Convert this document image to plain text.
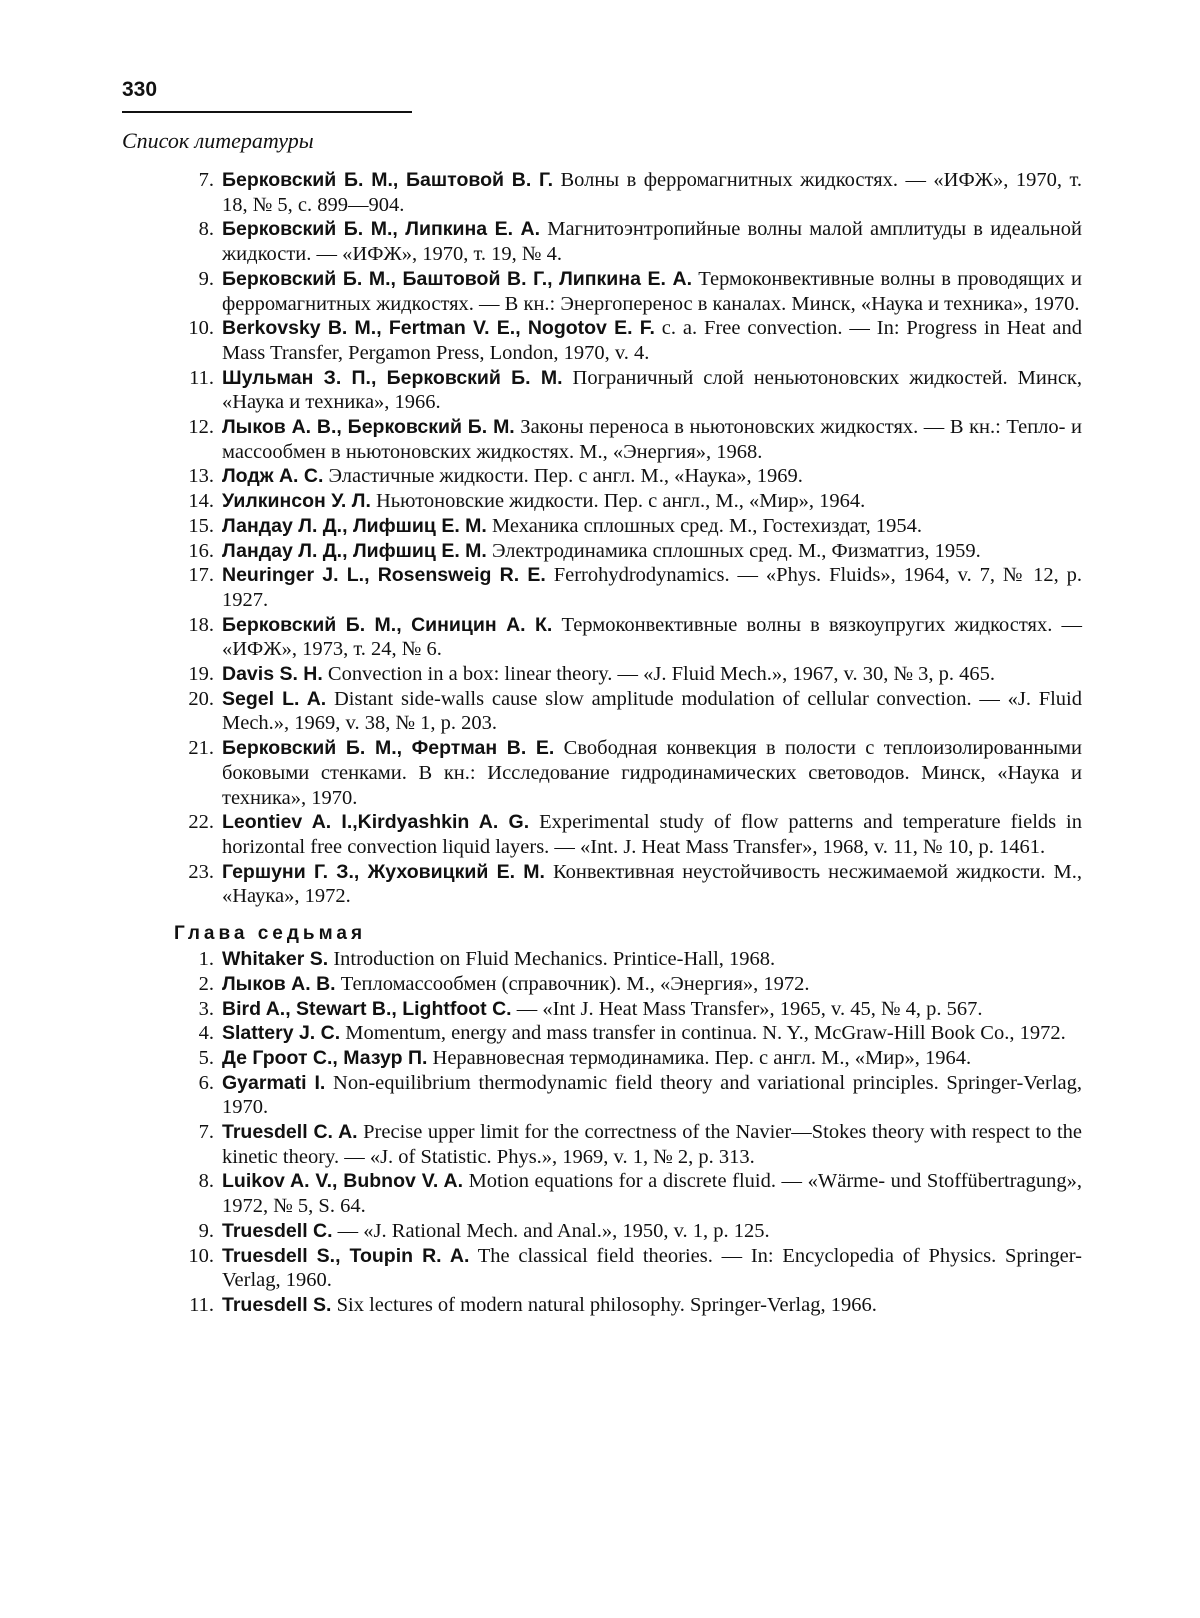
330
Список литературы

7. Берковский Б. М., Баштовой В. Г. Волны в ферромагнитных жидкостях. — «ИФЖ», 1970, т. 18, № 5, с. 899—904.

8. Берковский Б. М., Липкина Е. А. Магнитоэнтропийные волны малой амплитуды в идеальной жидкости. — «ИФЖ», 1970, т. 19, № 4.

9. Берковский Б. М., Баштовой В. Г., Липкина Е. А. Термоконвективные волны в проводящих и ферромагнитных жидкостях. — В кн.: Энергоперенос в каналах. Минск, «Наука и техника», 1970.

10. Berkovsky B. M., Fertman V. E., Nogotov E. F. c. a. Free convection. — In: Progress in Heat and Mass Transfer, Pergamon Press, London, 1970, v. 4.

11. Шульман З. П., Берковский Б. М. Пограничный слой неньютоновских жидкостей. Минск, «Наука и техника», 1966.

12. Лыков А. В., Берковский Б. М. Законы переноса в ньютоновских жидкостях. — В кн.: Тепло- и массообмен в ньютоновских жидкостях. М., «Энергия», 1968.

13. Лодж А. С. Эластичные жидкости. Пер. с англ. М., «Наука», 1969.

14. Уилкинсон У. Л. Ньютоновские жидкости. Пер. с англ., М., «Мир», 1964.

15. Ландау Л. Д., Лифшиц Е. М. Механика сплошных сред. М., Гостехиздат, 1954.

16. Ландау Л. Д., Лифшиц Е. М. Электродинамика сплошных сред. М., Физматгиз, 1959.

17. Neuringer J. L., Rosensweig R. E. Ferrohydrodynamics. — «Phys. Fluids», 1964, v. 7, № 12, p. 1927.

18. Берковский Б. М., Синицин А. К. Термоконвективные волны в вязкоупругих жидкостях. — «ИФЖ», 1973, т. 24, № 6.

19. Davis S. H. Convection in a box: linear theory. — «J. Fluid Mech.», 1967, v. 30, № 3, p. 465.

20. Segel L. A. Distant side-walls cause slow amplitude modulation of cellular convection. — «J. Fluid Mech.», 1969, v. 38, № 1, p. 203.

21. Берковский Б. М., Фертман В. Е. Свободная конвекция в полости с теплоизолированными боковыми стенками. В кн.: Исследование гидродинамических световодов. Минск, «Наука и техника», 1970.

22. Leontiev A. I.,Kirdyashkin A. G. Experimental study of flow patterns and temperature fields in horizontal free convection liquid layers. — «Int. J. Heat Mass Transfer», 1968, v. 11, № 10, p. 1461.

23. Гершуни Г. З., Жуховицкий Е. М. Конвективная неустойчивость несжимаемой жидкости. М., «Наука», 1972.

Глава седьмая

1. Whitaker S. Introduction on Fluid Mechanics. Printice-Hall, 1968.

2. Лыков А. В. Тепломассообмен (справочник). М., «Энергия», 1972.

3. Bird A., Stewart B., Lightfoot C. — «Int J. Heat Mass Transfer», 1965, v. 45, № 4, p. 567.

4. Slattery J. C. Momentum, energy and mass transfer in continua. N. Y., McGraw-Hill Book Co., 1972.

5. Де Гроот С., Мазур П. Неравновесная термодинамика. Пер. с англ. М., «Мир», 1964.

6. Gyarmati I. Non-equilibrium thermodynamic field theory and variational principles. Springer-Verlag, 1970.

7. Truesdell C. A. Precise upper limit for the correctness of the Navier—Stokes theory with respect to the kinetic theory. — «J. of Statistic. Phys.», 1969, v. 1, № 2, p. 313.

8. Luikov A. V., Bubnov V. A. Motion equations for a discrete fluid. — «Wärme- und Stoffübertragung», 1972, № 5, S. 64.

9. Truesdell C. — «J. Rational Mech. and Anal.», 1950, v. 1, p. 125.

10. Truesdell S., Toupin R. A. The classical field theories. — In: Encyclopedia of Physics. Springer-Verlag, 1960.

11. Truesdell S. Six lectures of modern natural philosophy. Springer-Verlag, 1966.
